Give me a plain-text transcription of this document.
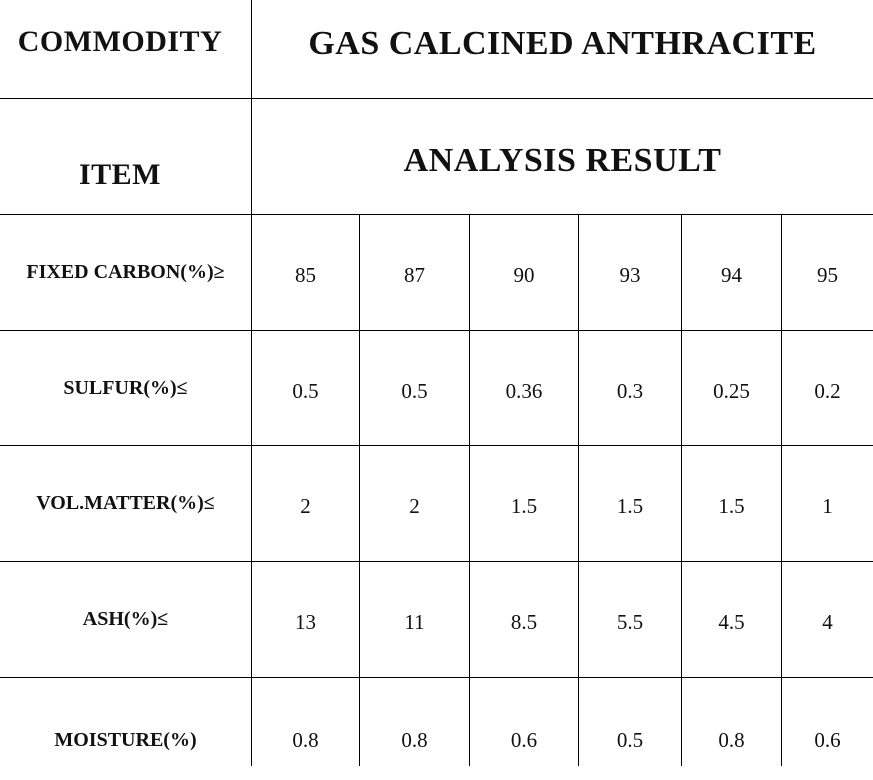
COMMODITY	GAS CALCINED ANTHRACITE
ITEM	ANALYSIS RESULT
FIXED CARBON(%)≥	85	87	90	93	94	95
SULFUR(%)≤	0.5	0.5	0.36	0.3	0.25	0.2
VOL.MATTER(%)≤	2	2	1.5	1.5	1.5	1
ASH(%)≤	13	11	8.5	5.5	4.5	4
MOISTURE(%)	0.8	0.8	0.6	0.5	0.8	0.6
